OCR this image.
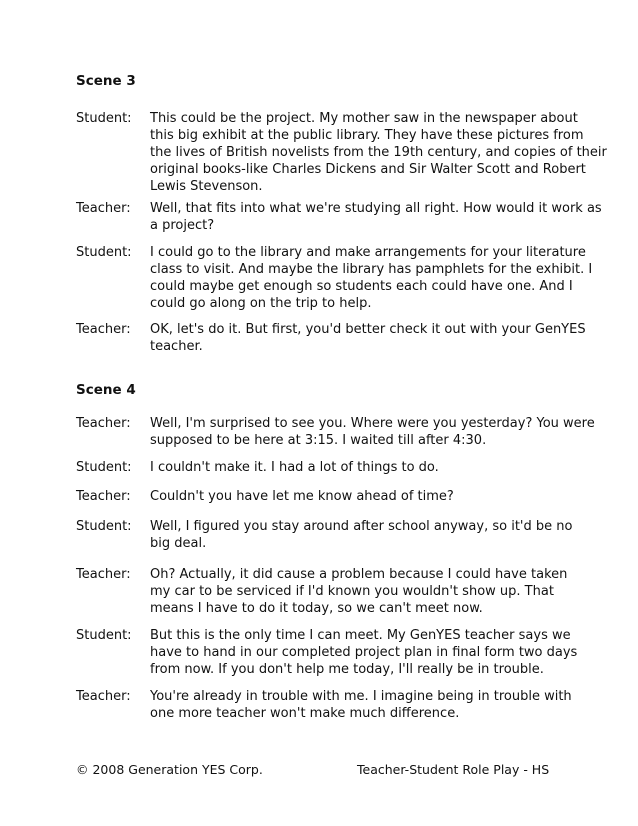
Scene 3
Student: This could be the project. My mother saw in the newspaper about
this big exhibit at the public library. They have these pictures from
the lives of British novelists from the 19th century, and copies of their
original books-like Charles Dickens and Sir Walter Scott and Robert
Lewis Stevenson.
Teacher: Well, that fits into what we're studying all right. How would it work as
a project?
Student: I could go to the library and make arrangements for your literature
class to visit. And maybe the library has pamphlets for the exhibit. I
could maybe get enough so students each could have one. And I
could go along on the trip to help.
Teacher: OK, let's do it. But first, you'd better check it out with your GenYES
teacher.
Scene 4
Teacher: Well, I'm surprised to see you. Where were you yesterday? You were
supposed to be here at 3:15. I waited till after 4:30.
Student: I couldn't make it. I had a lot of things to do.
Teacher: Couldn't you have let me know ahead of time?
Student: Well, I figured you stay around after school anyway, so it'd be no
big deal.
Teacher: Oh? Actually, it did cause a problem because I could have taken
my car to be serviced if I'd known you wouldn't show up. That
means I have to do it today, so we can't meet now.
Student: But this is the only time I can meet. My GenYES teacher says we
have to hand in our completed project plan in final form two days
from now. If you don't help me today, I'll really be in trouble.
Teacher: You're already in trouble with me. I imagine being in trouble with
one more teacher won't make much difference.
© 2008 Generation YES Corp.	Teacher-Student Role Play - HS
